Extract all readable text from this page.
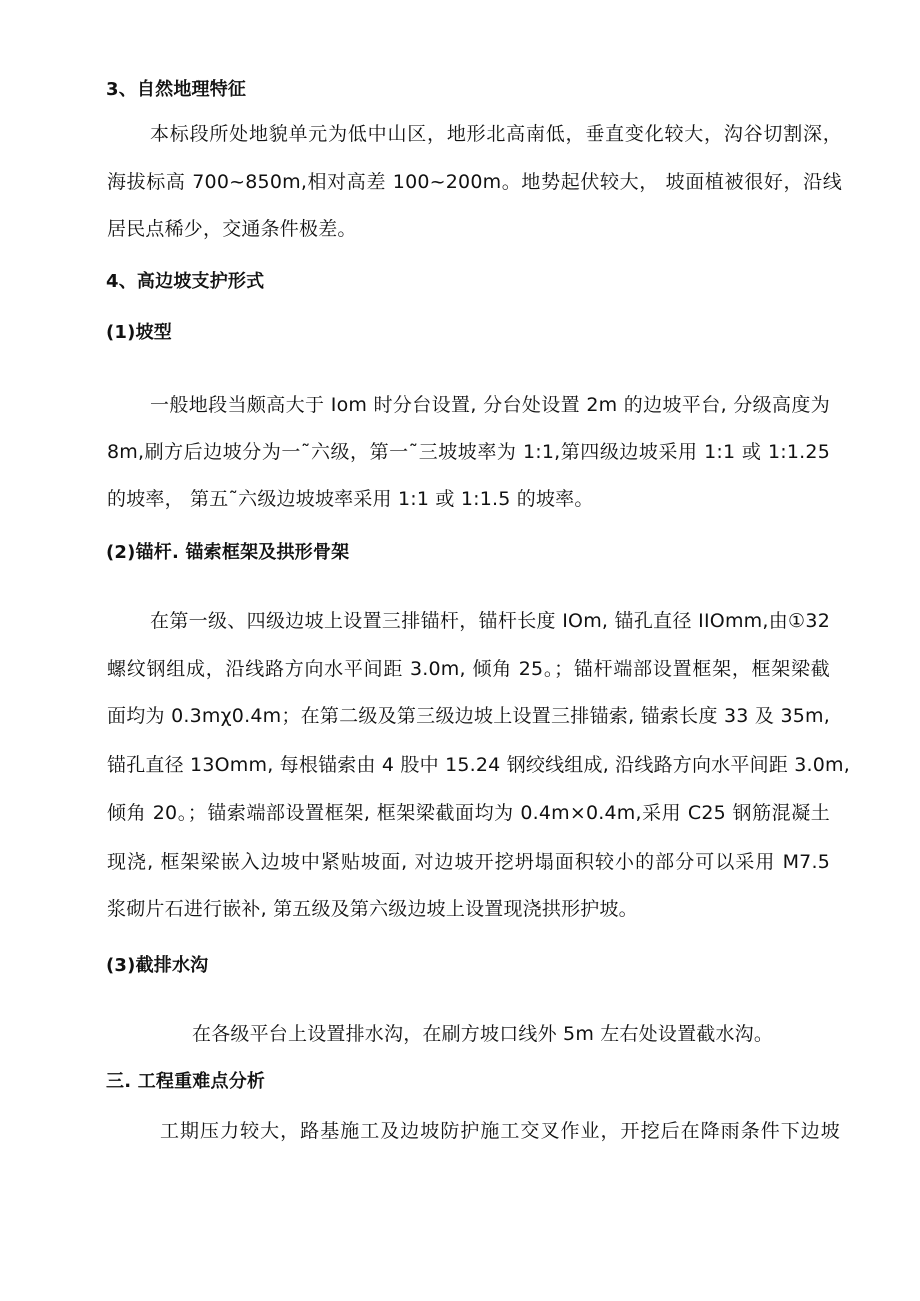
3、自然地理特征
本标段所处地貌单元为低中山区，地形北高南低，垂直变化较大，沟谷切割深，
海拔标高 700~850m,相对高差 100~200m。地势起伏较大， 坡面植被很好，沿线
居民点稀少，交通条件极差。
4、高边坡支护形式
(1)坡型
一般地段当颇高大于 Iom 时分台设置, 分台处设置 2m 的边坡平台, 分级高度为
8m,刷方后边坡分为一˜六级，第一˜三坡坡率为 1:1,第四级边坡采用 1:1 或 1:1.25
的坡率， 第五˜六级边坡坡率采用 1:1 或 1:1.5 的坡率。
(2)锚杆. 锚索框架及拱形骨架
在第一级、四级边坡上设置三排锚杆，锚杆长度 IOm, 锚孔直径 IIOmm,由①32
螺纹钢组成，沿线路方向水平间距 3.0m, 倾角 25。；锚杆端部设置框架，框架梁截
面均为 0.3mχ0.4m；在第二级及第三级边坡上设置三排锚索, 锚索长度 33 及 35m,
锚孔直径 13Omm, 每根锚索由 4 股中 15.24 钢绞线组成, 沿线路方向水平间距 3.0m,
倾角 20。；锚索端部设置框架, 框架梁截面均为 0.4m×0.4m,采用 C25 钢筋混凝土
现浇, 框架梁嵌入边坡中紧贴坡面, 对边坡开挖坍塌面积较小的部分可以采用 M7.5
浆砌片石进行嵌补, 第五级及第六级边坡上设置现浇拱形护坡。
(3)截排水沟
在各级平台上设置排水沟，在刷方坡口线外 5m 左右处设置截水沟。
三. 工程重难点分析
工期压力较大，路基施工及边坡防护施工交叉作业，开挖后在降雨条件下边坡
